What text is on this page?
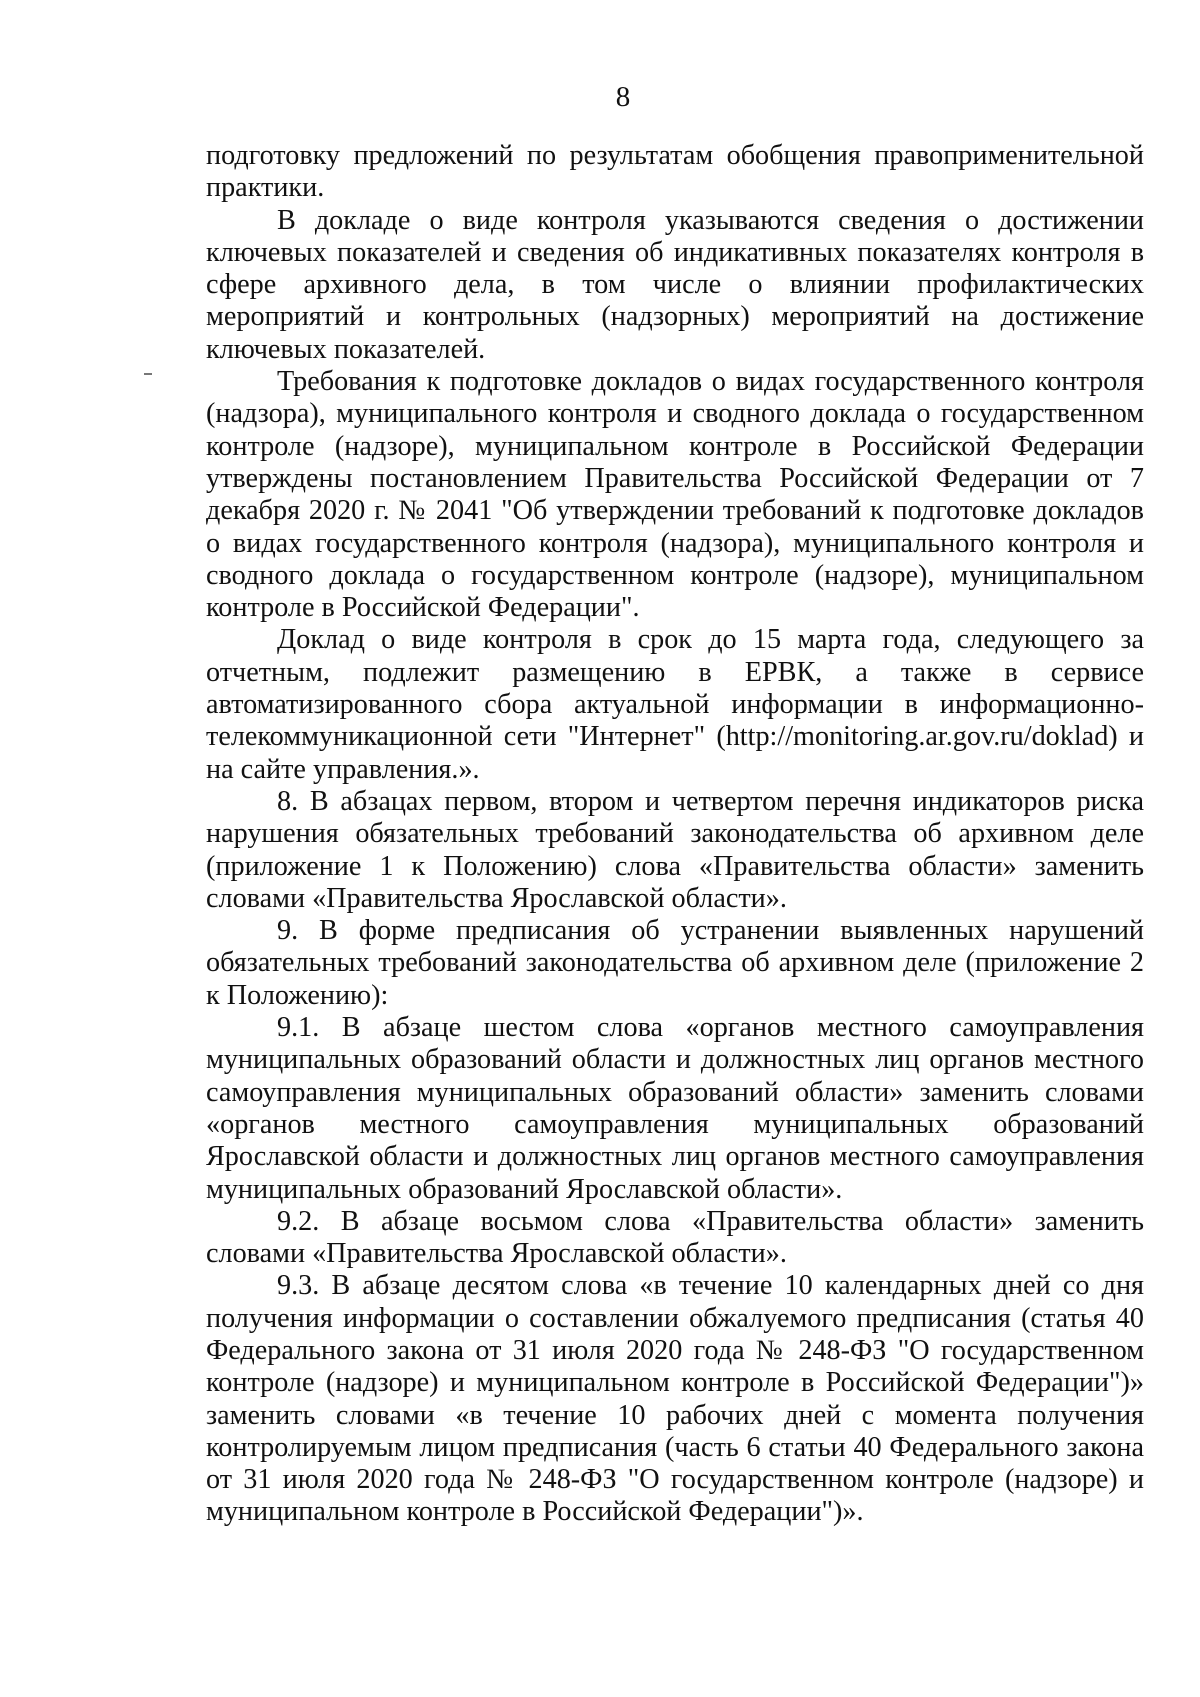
8

подготовку предложений по результатам обобщения правоприменительной практики.

В докладе о виде контроля указываются сведения о достижении ключевых показателей и сведения об индикативных показателях контроля в сфере архивного дела, в том числе о влиянии профилактических мероприятий и контрольных (надзорных) мероприятий на достижение ключевых показателей.

Требования к подготовке докладов о видах государственного контроля (надзора), муниципального контроля и сводного доклада о государственном контроле (надзоре), муниципальном контроле в Российской Федерации утверждены постановлением Правительства Российской Федерации от 7 декабря 2020 г. № 2041 "Об утверждении требований к подготовке докладов о видах государственного контроля (надзора), муниципального контроля и сводного доклада о государственном контроле (надзоре), муниципальном контроле в Российской Федерации".

Доклад о виде контроля в срок до 15 марта года, следующего за отчетным, подлежит размещению в ЕРВК, а также в сервисе автоматизированного сбора актуальной информации в информационно-телекоммуникационной сети "Интернет" (http://monitoring.ar.gov.ru/doklad) и на сайте управления.».

8. В абзацах первом, втором и четвертом перечня индикаторов риска нарушения обязательных требований законодательства об архивном деле (приложение 1 к Положению) слова «Правительства области» заменить словами «Правительства Ярославской области».

9. В форме предписания об устранении выявленных нарушений обязательных требований законодательства об архивном деле (приложение 2 к Положению):

9.1. В абзаце шестом слова «органов местного самоуправления муниципальных образований области и должностных лиц органов местного самоуправления муниципальных образований области» заменить словами «органов местного самоуправления муниципальных образований Ярославской области и должностных лиц органов местного самоуправления муниципальных образований Ярославской области».

9.2. В абзаце восьмом слова «Правительства области» заменить словами «Правительства Ярославской области».

9.3. В абзаце десятом слова «в течение 10 календарных дней со дня получения информации о составлении обжалуемого предписания (статья 40 Федерального закона от 31 июля 2020 года № 248-ФЗ "О государственном контроле (надзоре) и муниципальном контроле в Российской Федерации")» заменить словами «в течение 10 рабочих дней с момента получения контролируемым лицом предписания (часть 6 статьи 40 Федерального закона от 31 июля 2020 года № 248-ФЗ "О государственном контроле (надзоре) и муниципальном контроле в Российской Федерации")».
